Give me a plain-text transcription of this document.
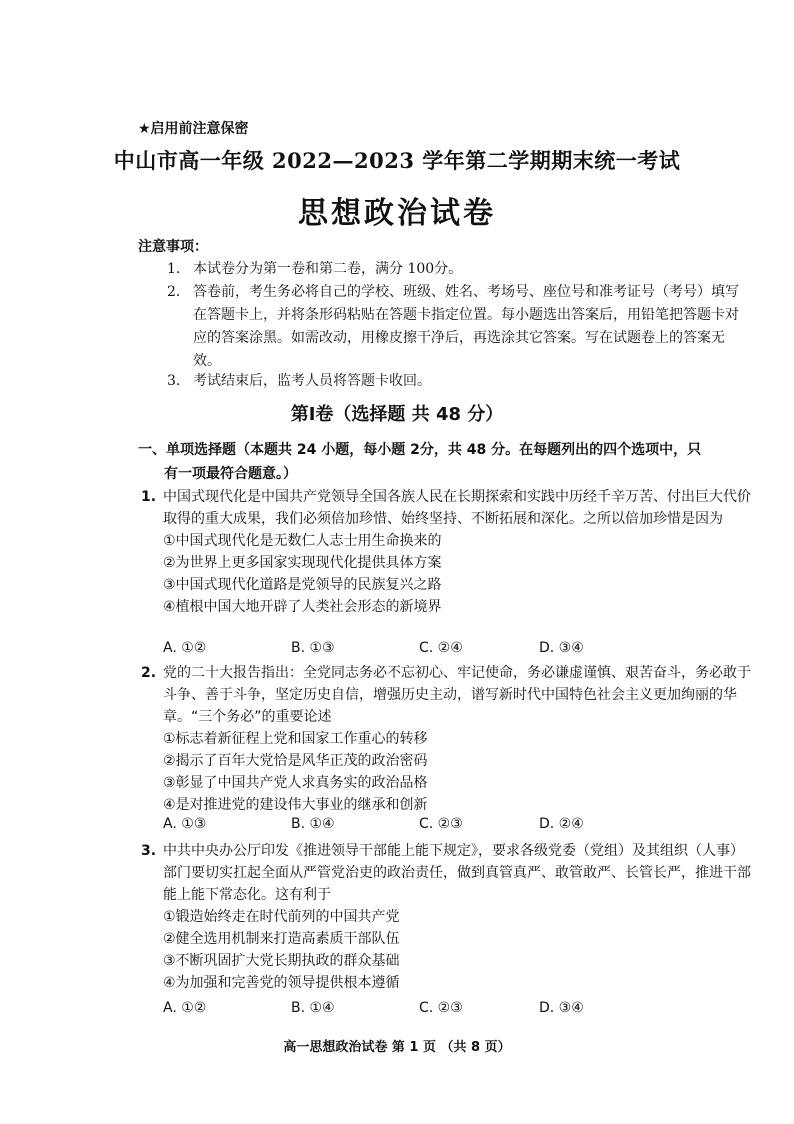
★启用前注意保密
中山市高一年级 2022—2023 学年第二学期期末统一考试
思想政治试卷
注意事项：
1. 本试卷分为第一卷和第二卷，满分 100分。
2. 答卷前，考生务必将自己的学校、班级、姓名、考场号、座位号和准考证号（考号）填写在答题卡上，并将条形码粘贴在答题卡指定位置。每小题选出答案后，用铅笔把答题卡对应的答案涂黑。如需改动，用橡皮擦干净后，再选涂其它答案。写在试题卷上的答案无效。
3. 考试结束后，监考人员将答题卡收回。
第Ⅰ卷（选择题 共 48 分）
一、单项选择题（本题共 24 小题，每小题 2分，共 48 分。在每题列出的四个选项中，只
有一项最符合题意。）
1. 中国式现代化是中国共产党领导全国各族人民在长期探索和实践中历经千辛万苦、付出巨大代价取得的重大成果，我们必须倍加珍惜、始终坚持、不断拓展和深化。之所以倍加珍惜是因为
①中国式现代化是无数仁人志士用生命换来的
②为世界上更多国家实现现代化提供具体方案
③中国式现代化道路是党领导的民族复兴之路
④植根中国大地开辟了人类社会形态的新境界
A. ①②	B. ①③	C. ②④	D. ③④
2. 党的二十大报告指出：全党同志务必不忘初心、牢记使命，务必谦虚谨慎、艰苦奋斗，务必敢于斗争、善于斗争，坚定历史自信，增强历史主动，谱写新时代中国特色社会主义更加绚丽的华章。“三个务必”的重要论述
①标志着新征程上党和国家工作重心的转移
②揭示了百年大党恰是风华正茂的政治密码
③彰显了中国共产党人求真务实的政治品格
④是对推进党的建设伟大事业的继承和创新
A. ①③	B. ①④	C. ②③	D. ②④
3. 中共中央办公厅印发《推进领导干部能上能下规定》，要求各级党委（党组）及其组织（人事）部门要切实扛起全面从严管党治吏的政治责任，做到真管真严、敢管敢严、长管长严，推进干部能上能下常态化。这有利于
①锻造始终走在时代前列的中国共产党
②健全选用机制来打造高素质干部队伍
③不断巩固扩大党长期执政的群众基础
④为加强和完善党的领导提供根本遵循
A. ①②	B. ①④	C. ②③	D. ③④
高一思想政治试卷 第 1 页 （共 8 页）
